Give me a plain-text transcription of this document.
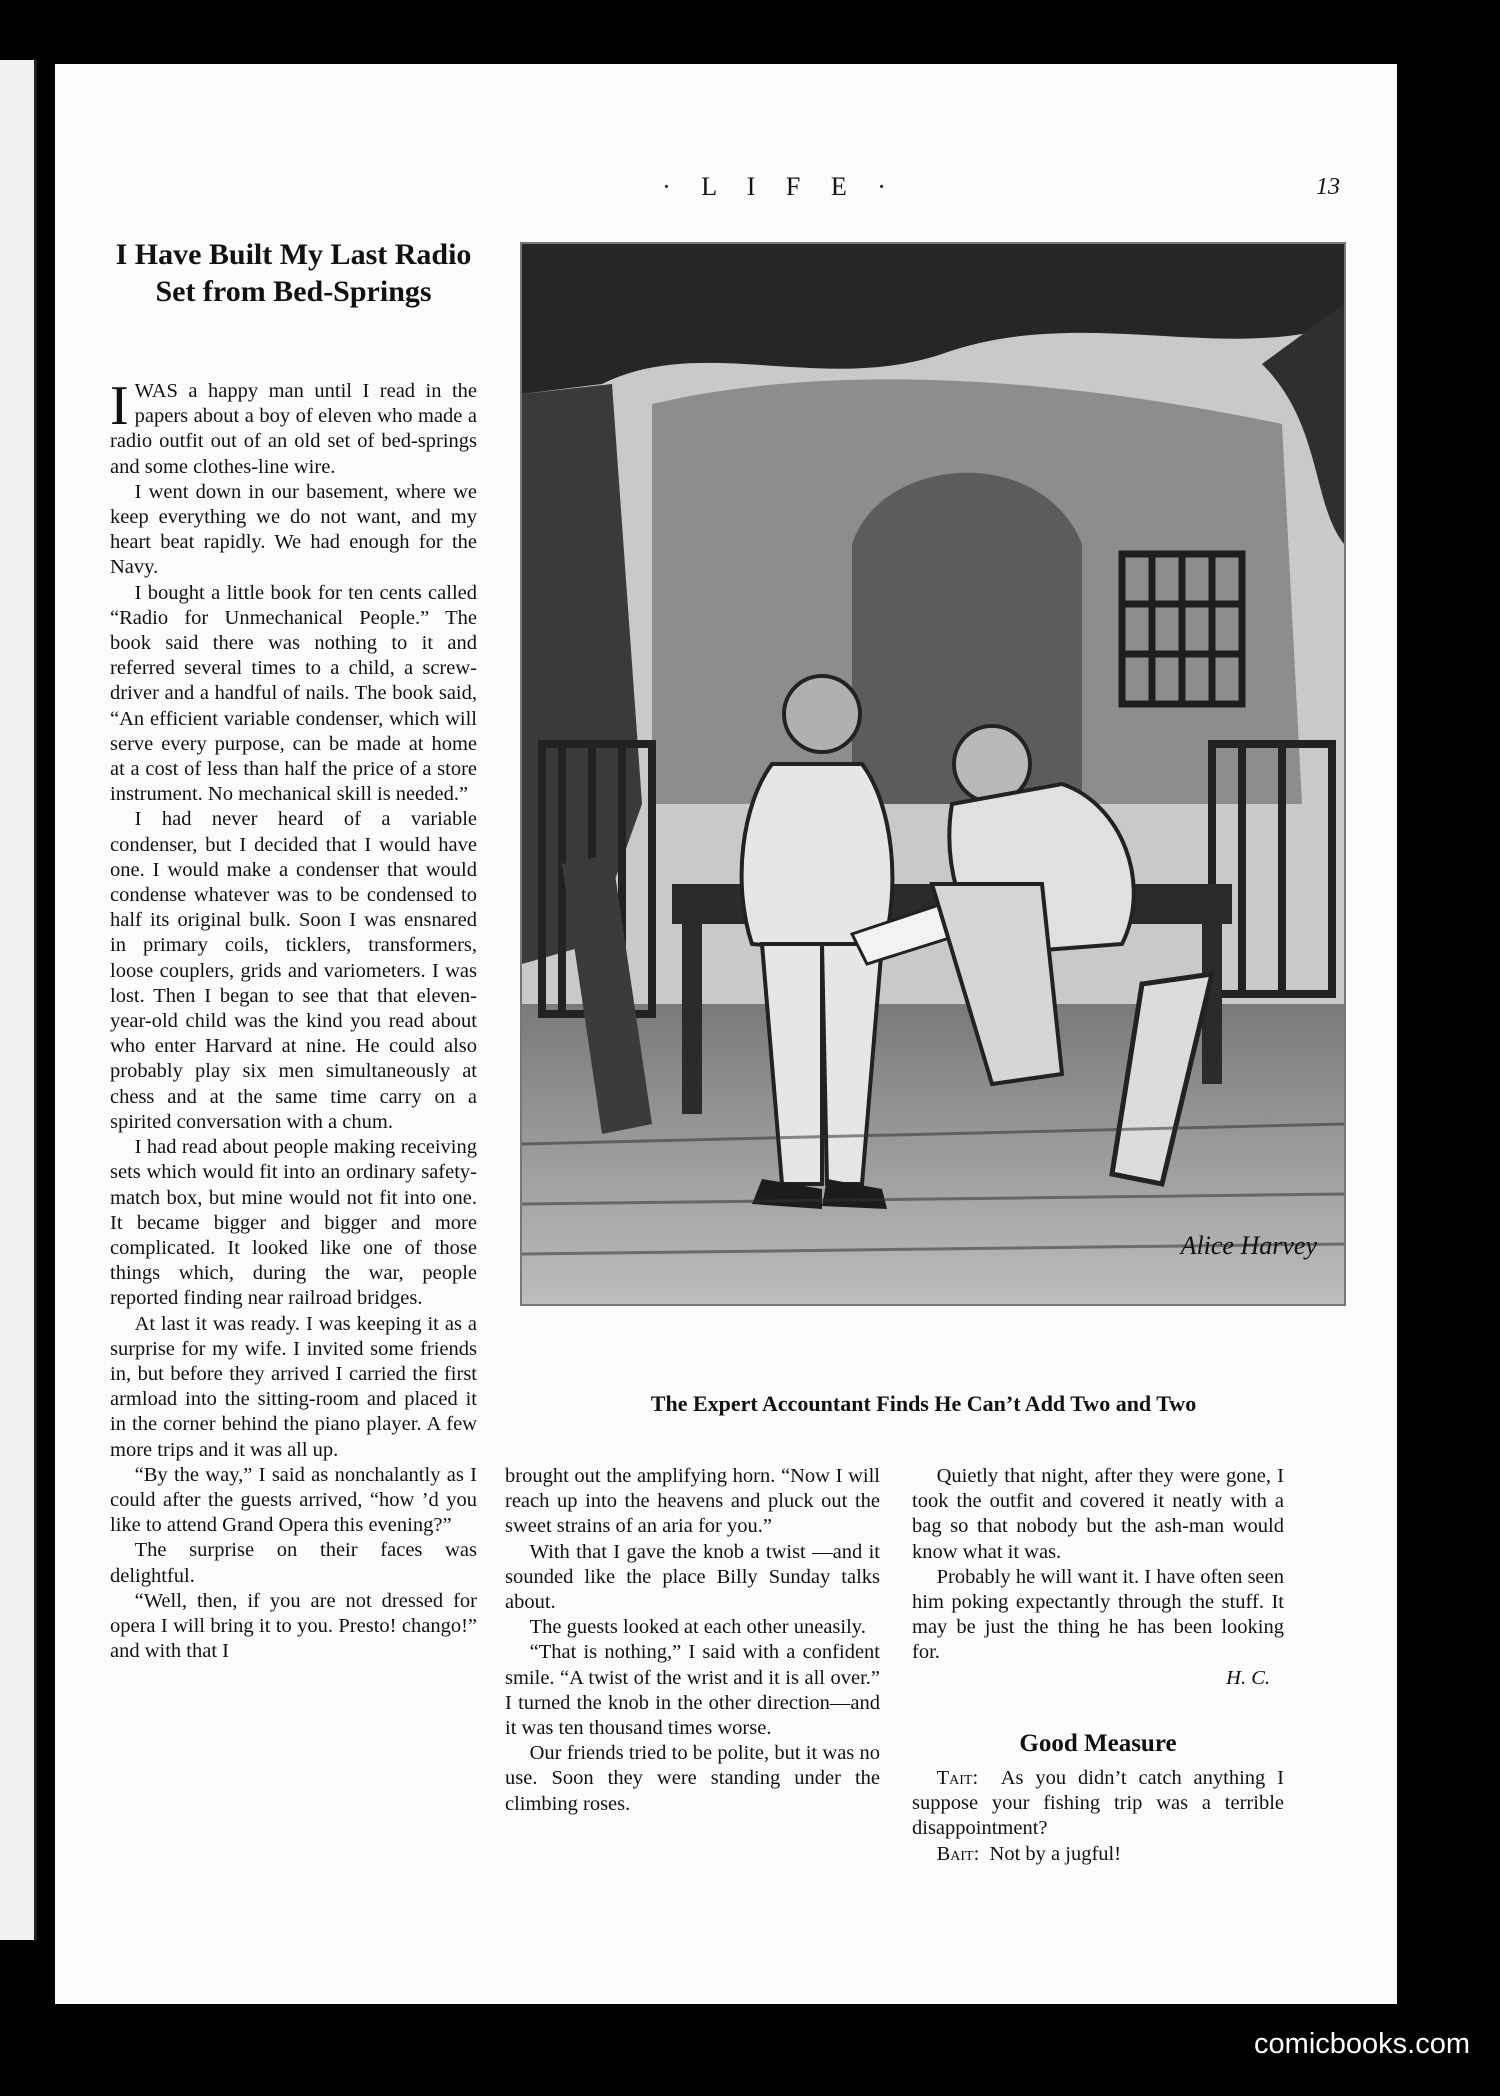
· L I F E ·	13
I Have Built My Last Radio Set from Bed-Springs

IWAS a happy man until I read in the papers about a boy of eleven who made a radio outfit out of an old set of bed-springs and some clothes-line wire.

I went down in our basement, where we keep everything we do not want, and my heart beat rapidly. We had enough for the Navy.

I bought a little book for ten cents called “Radio for Unmechanical People.” The book said there was nothing to it and referred several times to a child, a screw-driver and a handful of nails. The book said, “An efficient variable condenser, which will serve every purpose, can be made at home at a cost of less than half the price of a store instrument. No mechanical skill is needed.”

I had never heard of a variable condenser, but I decided that I would have one. I would make a condenser that would condense whatever was to be condensed to half its original bulk. Soon I was ensnared in primary coils, ticklers, transformers, loose couplers, grids and variometers. I was lost. Then I began to see that that eleven-year-old child was the kind you read about who enter Harvard at nine. He could also probably play six men simultaneously at chess and at the same time carry on a spirited conversation with a chum.

I had read about people making receiving sets which would fit into an ordinary safety-match box, but mine would not fit into one. It became bigger and bigger and more complicated. It looked like one of those things which, during the war, people reported finding near railroad bridges.

At last it was ready. I was keeping it as a surprise for my wife. I invited some friends in, but before they arrived I carried the first armload into the sitting-room and placed it in the corner behind the piano player. A few more trips and it was all up.

“By the way,” I said as nonchalantly as I could after the guests arrived, “how ’d you like to attend Grand Opera this evening?”

The surprise on their faces was delightful.

“Well, then, if you are not dressed for opera I will bring it to you. Presto! chango!” and with that I

Alice Harvey
The Expert Accountant Finds He Can’t Add Two and Two

brought out the amplifying horn. “Now I will reach up into the heavens and pluck out the sweet strains of an aria for you.”

With that I gave the knob a twist —and it sounded like the place Billy Sunday talks about.

The guests looked at each other uneasily.

“That is nothing,” I said with a confident smile. “A twist of the wrist and it is all over.” I turned the knob in the other direction—and it was ten thousand times worse.

Our friends tried to be polite, but it was no use. Soon they were standing under the climbing roses.

Quietly that night, after they were gone, I took the outfit and covered it neatly with a bag so that nobody but the ash-man would know what it was.

Probably he will want it. I have often seen him poking expectantly through the stuff. It may be just the thing he has been looking for.

H. C.

Good Measure

Tait:  As you didn’t catch anything I suppose your fishing trip was a terrible disappointment?

Bait:  Not by a jugful!

comicbooks.com
